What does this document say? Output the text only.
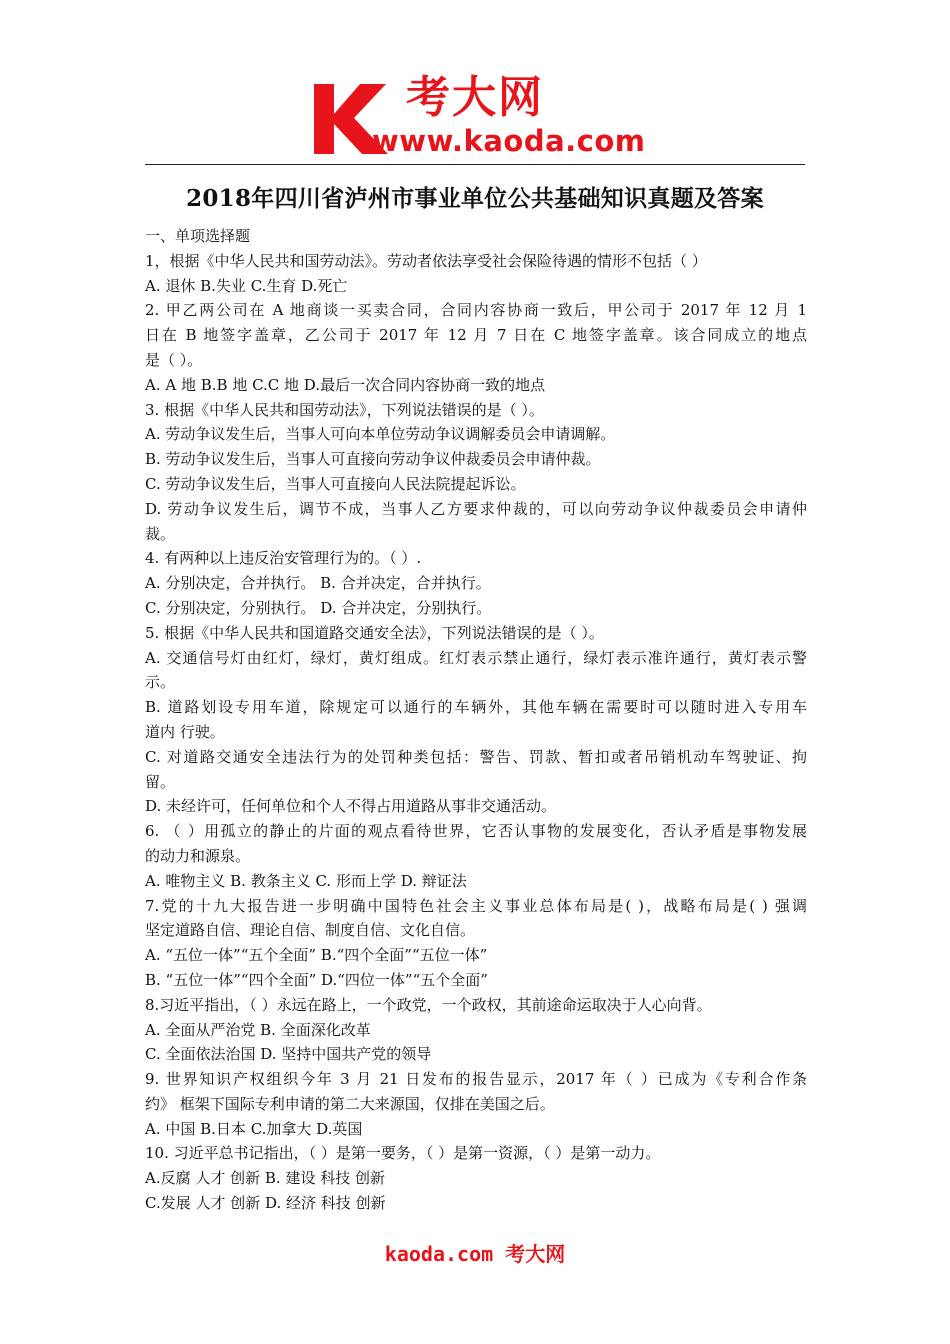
考大网
www.kaoda.com
2018年四川省泸州市事业单位公共基础知识真题及答案
一、单项选择题
1，根据《中华人民共和国劳动法》。劳动者依法享受社会保险待遇的情形不包括（ ）
A. 退休 B.失业 C.生育 D.死亡
2. 甲乙两公司在 A 地商谈一买卖合同，合同内容协商一致后，甲公司于 2017 年 12 月 1
日在 B 地签字盖章，乙公司于 2017 年 12 月 7 日在 C 地签字盖章。该合同成立的地点
是（ ）。
A. A 地 B.B 地 C.C 地 D.最后一次合同内容协商一致的地点
3. 根据《中华人民共和国劳动法》，下列说法错误的是（ ）。
A. 劳动争议发生后，当事人可向本单位劳动争议调解委员会申请调解。
B. 劳动争议发生后，当事人可直接向劳动争议仲裁委员会申请仲裁。
C. 劳动争议发生后，当事人可直接向人民法院提起诉讼。
D. 劳动争议发生后，调节不成，当事人乙方要求仲裁的，可以向劳动争议仲裁委员会申请仲
裁。
4. 有两种以上违反治安管理行为的。（ ）.
A. 分别决定，合并执行。 B. 合并决定，合并执行。
C. 分别决定，分别执行。 D. 合并决定，分别执行。
5. 根据《中华人民共和国道路交通安全法》，下列说法错误的是（ ）。
A. 交通信号灯由红灯，绿灯，黄灯组成。红灯表示禁止通行，绿灯表示准许通行，黄灯表示警
示。
B. 道路划设专用车道，除规定可以通行的车辆外，其他车辆在需要时可以随时进入专用车
道内 行驶。
C. 对道路交通安全违法行为的处罚种类包括：警告、罚款、暂扣或者吊销机动车驾驶证、拘
留。
D. 未经许可，任何单位和个人不得占用道路从事非交通活动。
6. （ ）用孤立的静止的片面的观点看待世界，它否认事物的发展变化，否认矛盾是事物发展
的动力和源泉。
A. 唯物主义 B. 教条主义 C. 形而上学 D. 辩证法
7.党的十九大报告进一步明确中国特色社会主义事业总体布局是( )，战略布局是( ) 强调
坚定道路自信、理论自信、制度自信、文化自信。
A. “五位一体”“五个全面” B.“四个全面”“五位一体”
B. “五位一体”“四个全面” D.“四位一体”“五个全面”
8.习近平指出，（ ）永远在路上，一个政党，一个政权，其前途命运取决于人心向背。
A. 全面从严治党 B. 全面深化改革
C. 全面依法治国 D. 坚持中国共产党的领导
9. 世界知识产权组织今年 3 月 21 日发布的报告显示，2017 年（ ）已成为《专利合作条
约》 框架下国际专利申请的第二大来源国，仅排在美国之后。
A. 中国 B.日本 C.加拿大 D.英国
10. 习近平总书记指出，（ ）是第一要务，（ ）是第一资源，（ ）是第一动力。
A.反腐 人才 创新 B. 建设 科技 创新
C.发展 人才 创新 D. 经济 科技 创新
kaoda.com 考大网
